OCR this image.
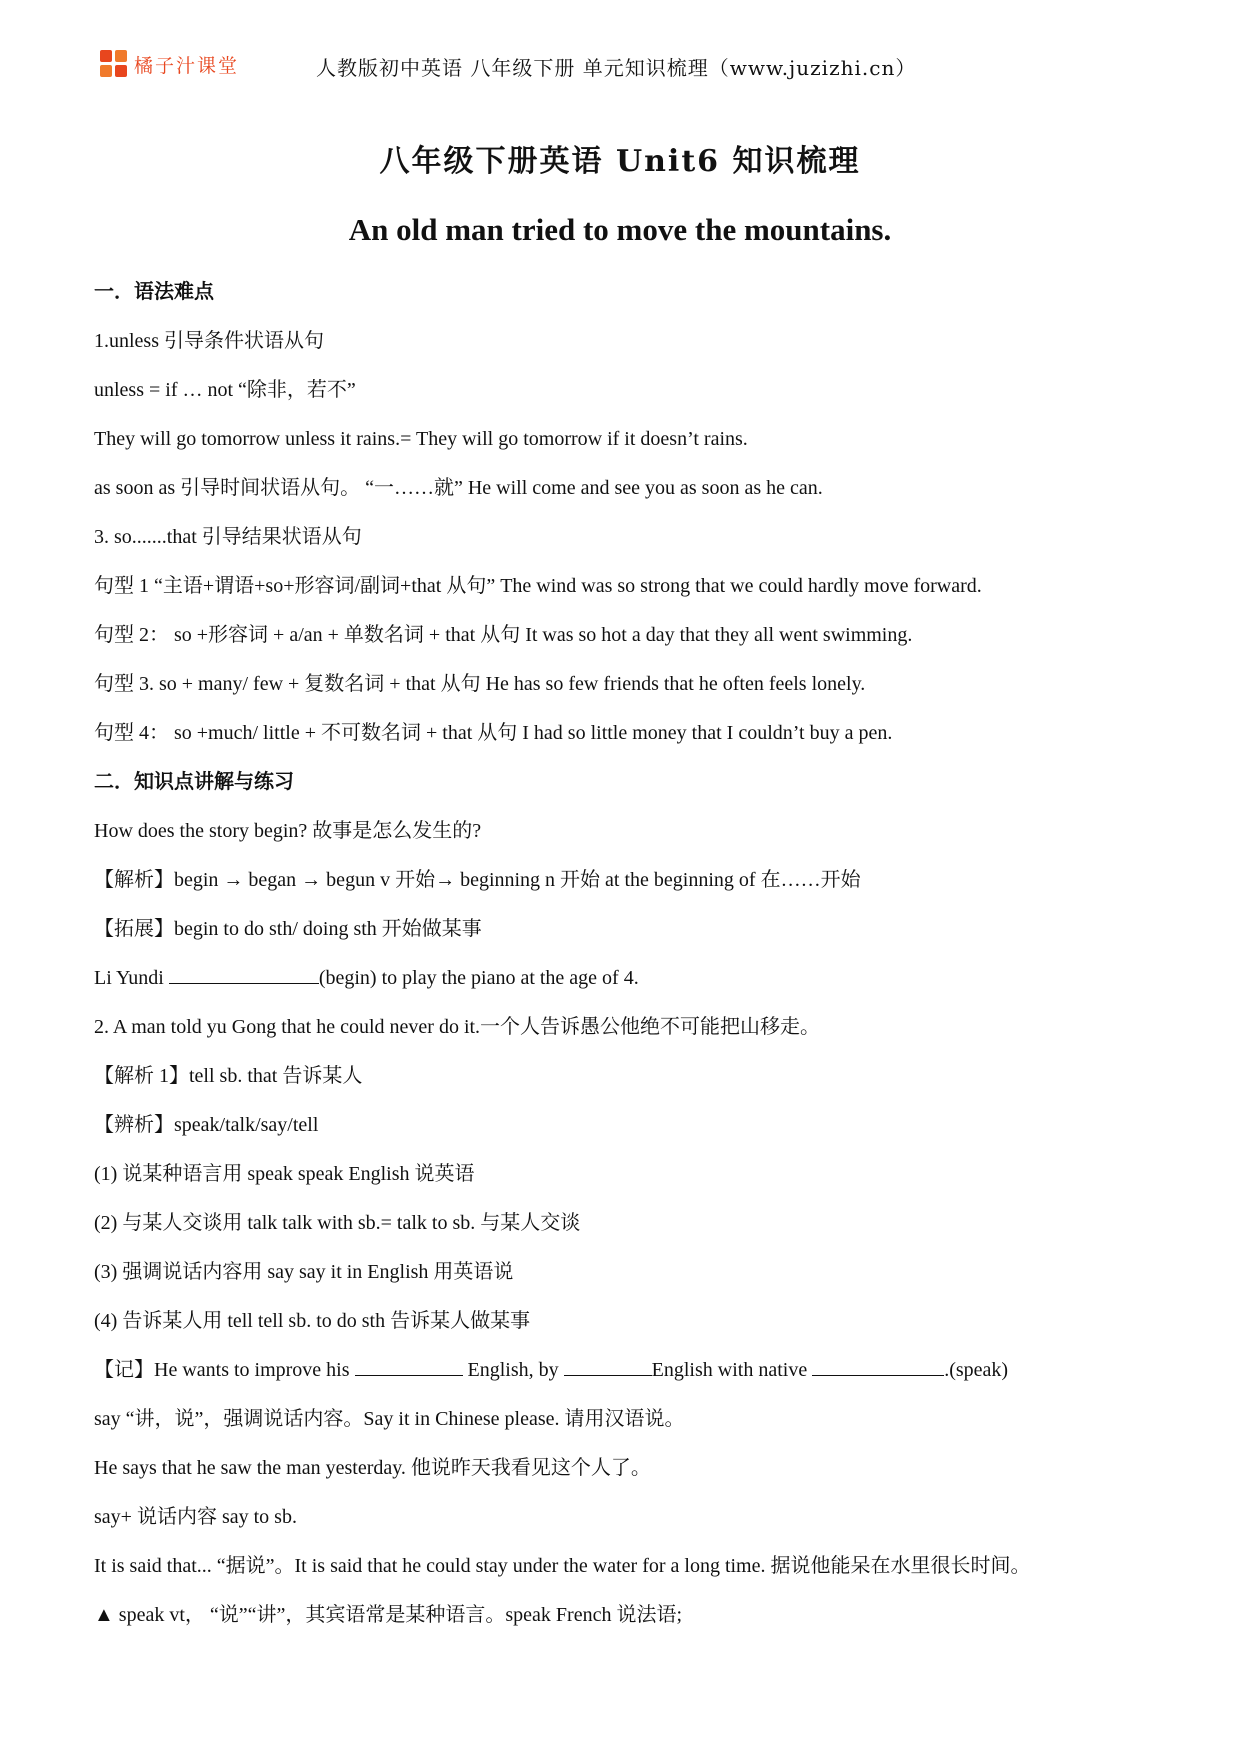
橘子汁课堂	人教版初中英语 八年级下册 单元知识梳理（www.juzizhi.cn）
八年级下册英语 Unit6 知识梳理
An old man tried to move the mountains.
一．语法难点
1.unless 引导条件状语从句
unless = if … not “除非，若不”
They will go tomorrow unless it rains.= They will go tomorrow if it doesn’t rains.
as soon as 引导时间状语从句。 “一……就” He will come and see you as soon as he can.
3. so.......that 引导结果状语从句
句型 1 “主语+谓语+so+形容词/副词+that 从句” The wind was so strong that we could hardly move forward.
句型 2： so +形容词 + a/an + 单数名词 + that 从句 It was so hot a day that they all went swimming.
句型 3. so + many/ few + 复数名词 + that 从句 He has so few friends that he often feels lonely.
句型 4： so +much/ little + 不可数名词 + that 从句 I had so little money that I couldn’t buy a pen.
二．知识点讲解与练习
How does the story begin? 故事是怎么发生的?
【解析】begin → began → begun v 开始→ beginning n 开始 at the beginning of 在……开始
【拓展】begin to do sth/ doing sth 开始做某事
Li Yundi	(begin) to play the piano at the age of 4.
2. A man told yu Gong that he could never do it.一个人告诉愚公他绝不可能把山移走。
【解析 1】tell sb. that 告诉某人
【辨析】speak/talk/say/tell
(1) 说某种语言用 speak speak English 说英语
(2) 与某人交谈用 talk talk with sb.= talk to sb. 与某人交谈
(3) 强调说话内容用 say say it in English 用英语说
(4) 告诉某人用 tell tell sb. to do sth 告诉某人做某事
【记】He wants to improve his	English, by	English with native	.(speak)
say “讲，说”，强调说话内容。Say it in Chinese please. 请用汉语说。
He says that he saw the man yesterday. 他说昨天我看见这个人了。
say+ 说话内容 say to sb.
It is said that... “据说”。It is said that he could stay under the water for a long time. 据说他能呆在水里很长时间。
▲ speak vt， “说”“讲”，其宾语常是某种语言。speak French 说法语;
